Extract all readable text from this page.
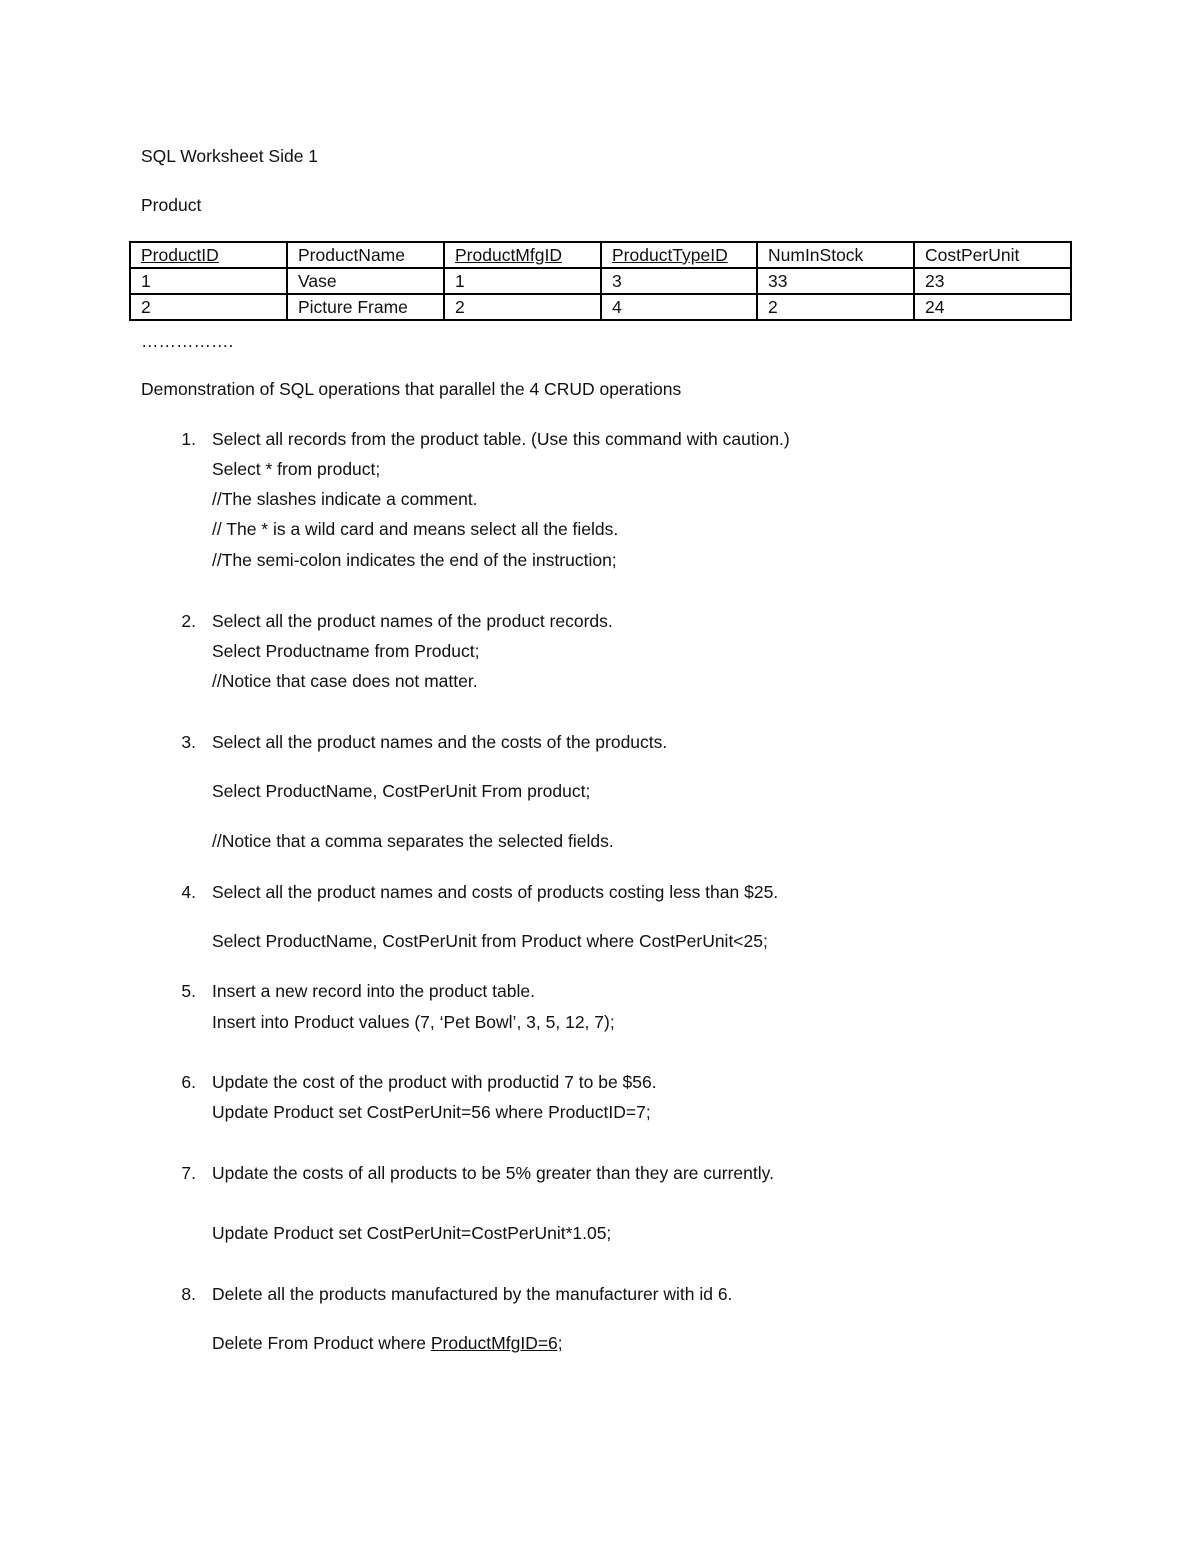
SQL Worksheet Side 1
Product
ProductID	ProductName	ProductMfgID	ProductTypeID	NumInStock	CostPerUnit
1	Vase	1	3	33	23
2	Picture Frame	2	4	2	24
…………….
Demonstration of SQL operations that parallel the 4 CRUD operations
1. Select all records from the product table. (Use this command with caution.)
Select * from product;
//The slashes indicate a comment.
// The * is a wild card and means select all the fields.
//The semi-colon indicates the end of the instruction;
2. Select all the product names of the product records.
Select Productname from Product;
//Notice that case does not matter.
3. Select all the product names and the costs of the products.
Select ProductName, CostPerUnit From product;
//Notice that a comma separates the selected fields.
4. Select all the product names and costs of products costing less than $25.
Select ProductName, CostPerUnit from Product where CostPerUnit<25;
5. Insert a new record into the product table.
Insert into Product values (7, ‘Pet Bowl’, 3, 5, 12, 7);
6. Update the cost of the product with productid 7 to be $56.
Update Product set CostPerUnit=56 where ProductID=7;
7. Update the costs of all products to be 5% greater than they are currently.
Update Product set CostPerUnit=CostPerUnit*1.05;
8. Delete all the products manufactured by the manufacturer with id 6.
Delete From Product where ProductMfgID=6;
